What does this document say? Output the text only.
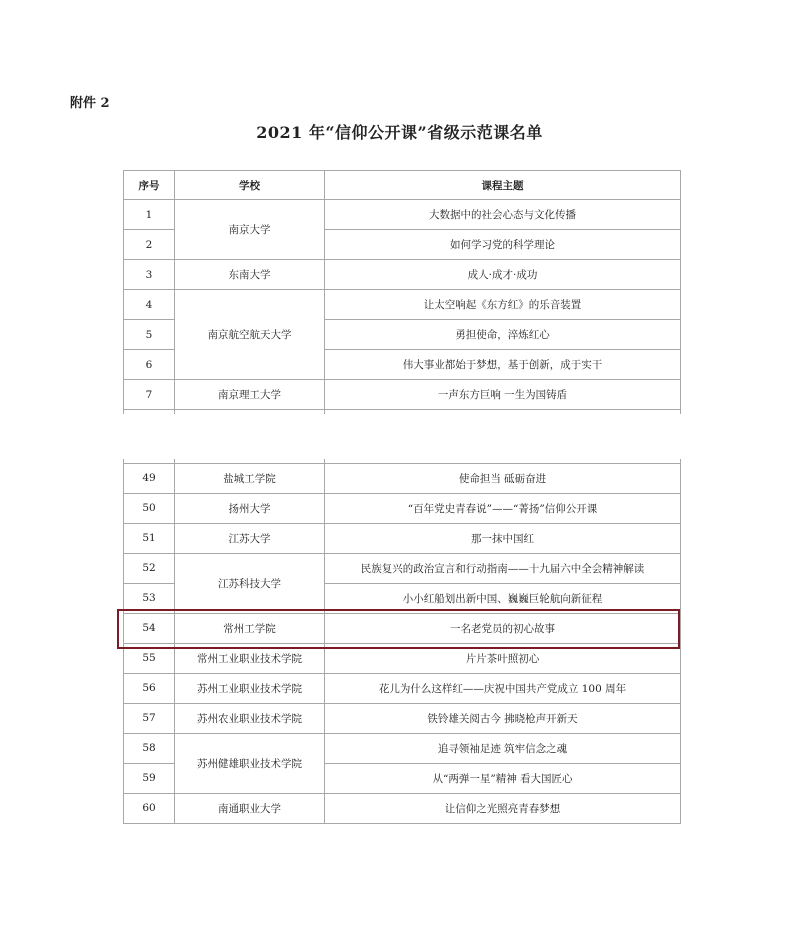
附件 2
2021 年“信仰公开课”省级示范课名单
序号	学校	课程主题
1	南京大学	大数据中的社会心态与文化传播
2		如何学习党的科学理论
3	东南大学	成人·成才·成功
4	南京航空航天大学	让太空响起《东方红》的乐音装置
5		勇担使命，淬炼红心
6		伟大事业都始于梦想，基于创新，成于实干
7	南京理工大学	一声东方巨响 一生为国铸盾

49	盐城工学院	使命担当 砥砺奋进
50	扬州大学	“百年党史青春说”——“菁扬”信仰公开课
51	江苏大学	那一抹中国红
52	江苏科技大学	民族复兴的政治宣言和行动指南——十九届六中全会精神解读
53		小小红船划出新中国、巍巍巨轮航向新征程
54	常州工学院	一名老党员的初心故事
55	常州工业职业技术学院	片片茶叶照初心
56	苏州工业职业技术学院	花儿为什么这样红——庆祝中国共产党成立 100 周年
57	苏州农业职业技术学院	铁铃雄关阅古今 拂晓枪声开新天
58	苏州健雄职业技术学院	追寻领袖足迹 筑牢信念之魂
59		从“两弹一星”精神 看大国匠心
60	南通职业大学	让信仰之光照亮青春梦想
